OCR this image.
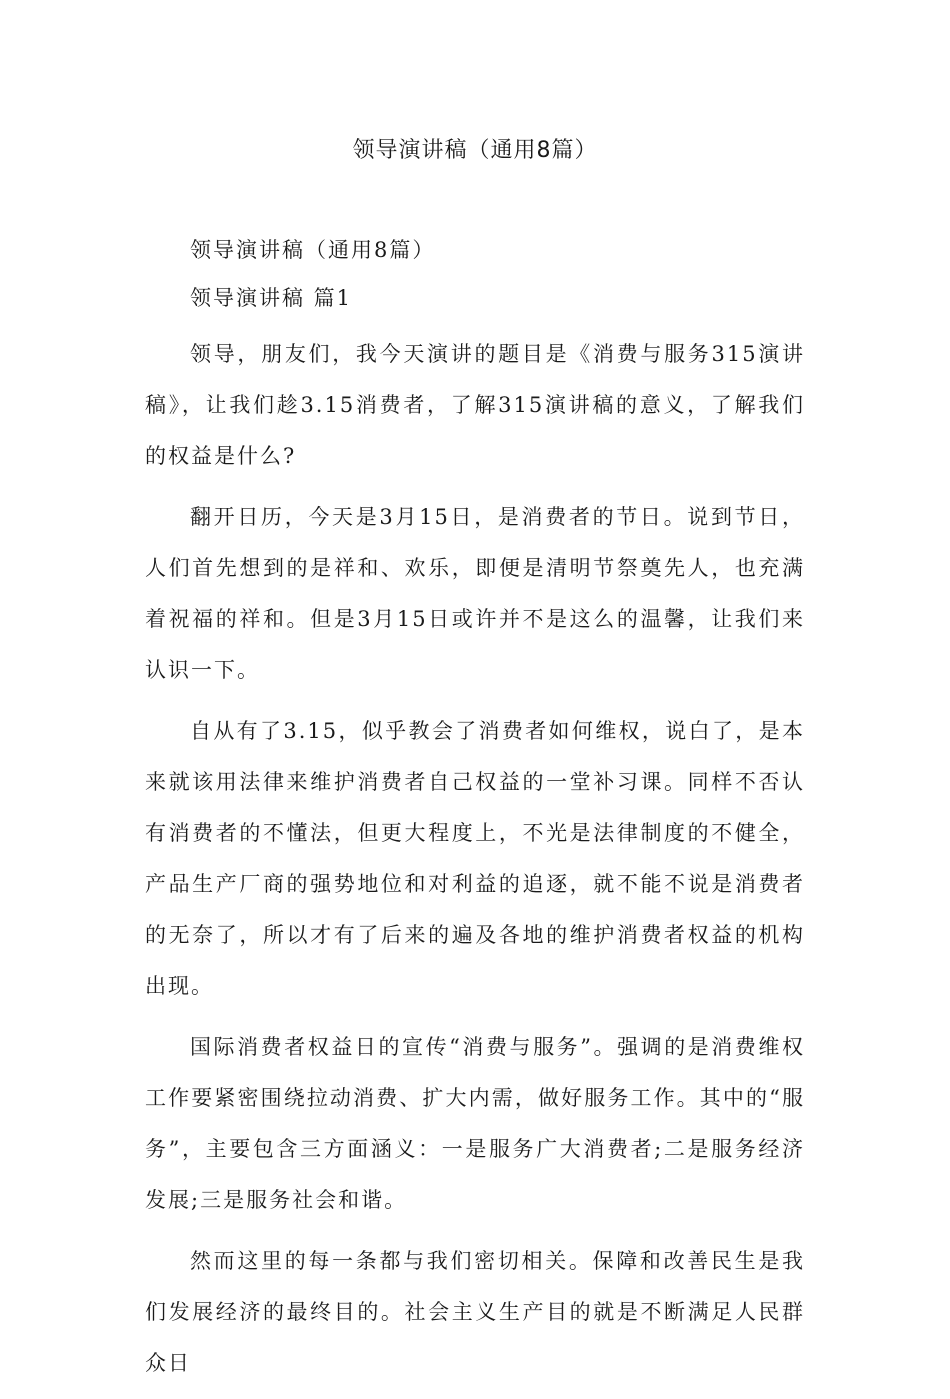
领导演讲稿（通用8篇）

领导演讲稿（通用8篇）

领导演讲稿 篇1

领导，朋友们，我今天演讲的题目是《消费与服务315演讲稿》，让我们趁3.15消费者，了解315演讲稿的意义，了解我们的权益是什么?

翻开日历，今天是3月15日，是消费者的节日。说到节日，人们首先想到的是祥和、欢乐，即便是清明节祭奠先人，也充满着祝福的祥和。但是3月15日或许并不是这么的温馨，让我们来认识一下。

自从有了3.15，似乎教会了消费者如何维权，说白了，是本来就该用法律来维护消费者自己权益的一堂补习课。同样不否认有消费者的不懂法，但更大程度上，不光是法律制度的不健全，产品生产厂商的强势地位和对利益的追逐，就不能不说是消费者的无奈了，所以才有了后来的遍及各地的维护消费者权益的机构出现。

国际消费者权益日的宣传“消费与服务”。强调的是消费维权工作要紧密围绕拉动消费、扩大内需，做好服务工作。其中的“服务”，主要包含三方面涵义：一是服务广大消费者;二是服务经济发展;三是服务社会和谐。

然而这里的每一条都与我们密切相关。保障和改善民生是我们发展经济的最终目的。社会主义生产目的就是不断满足人民群众日
